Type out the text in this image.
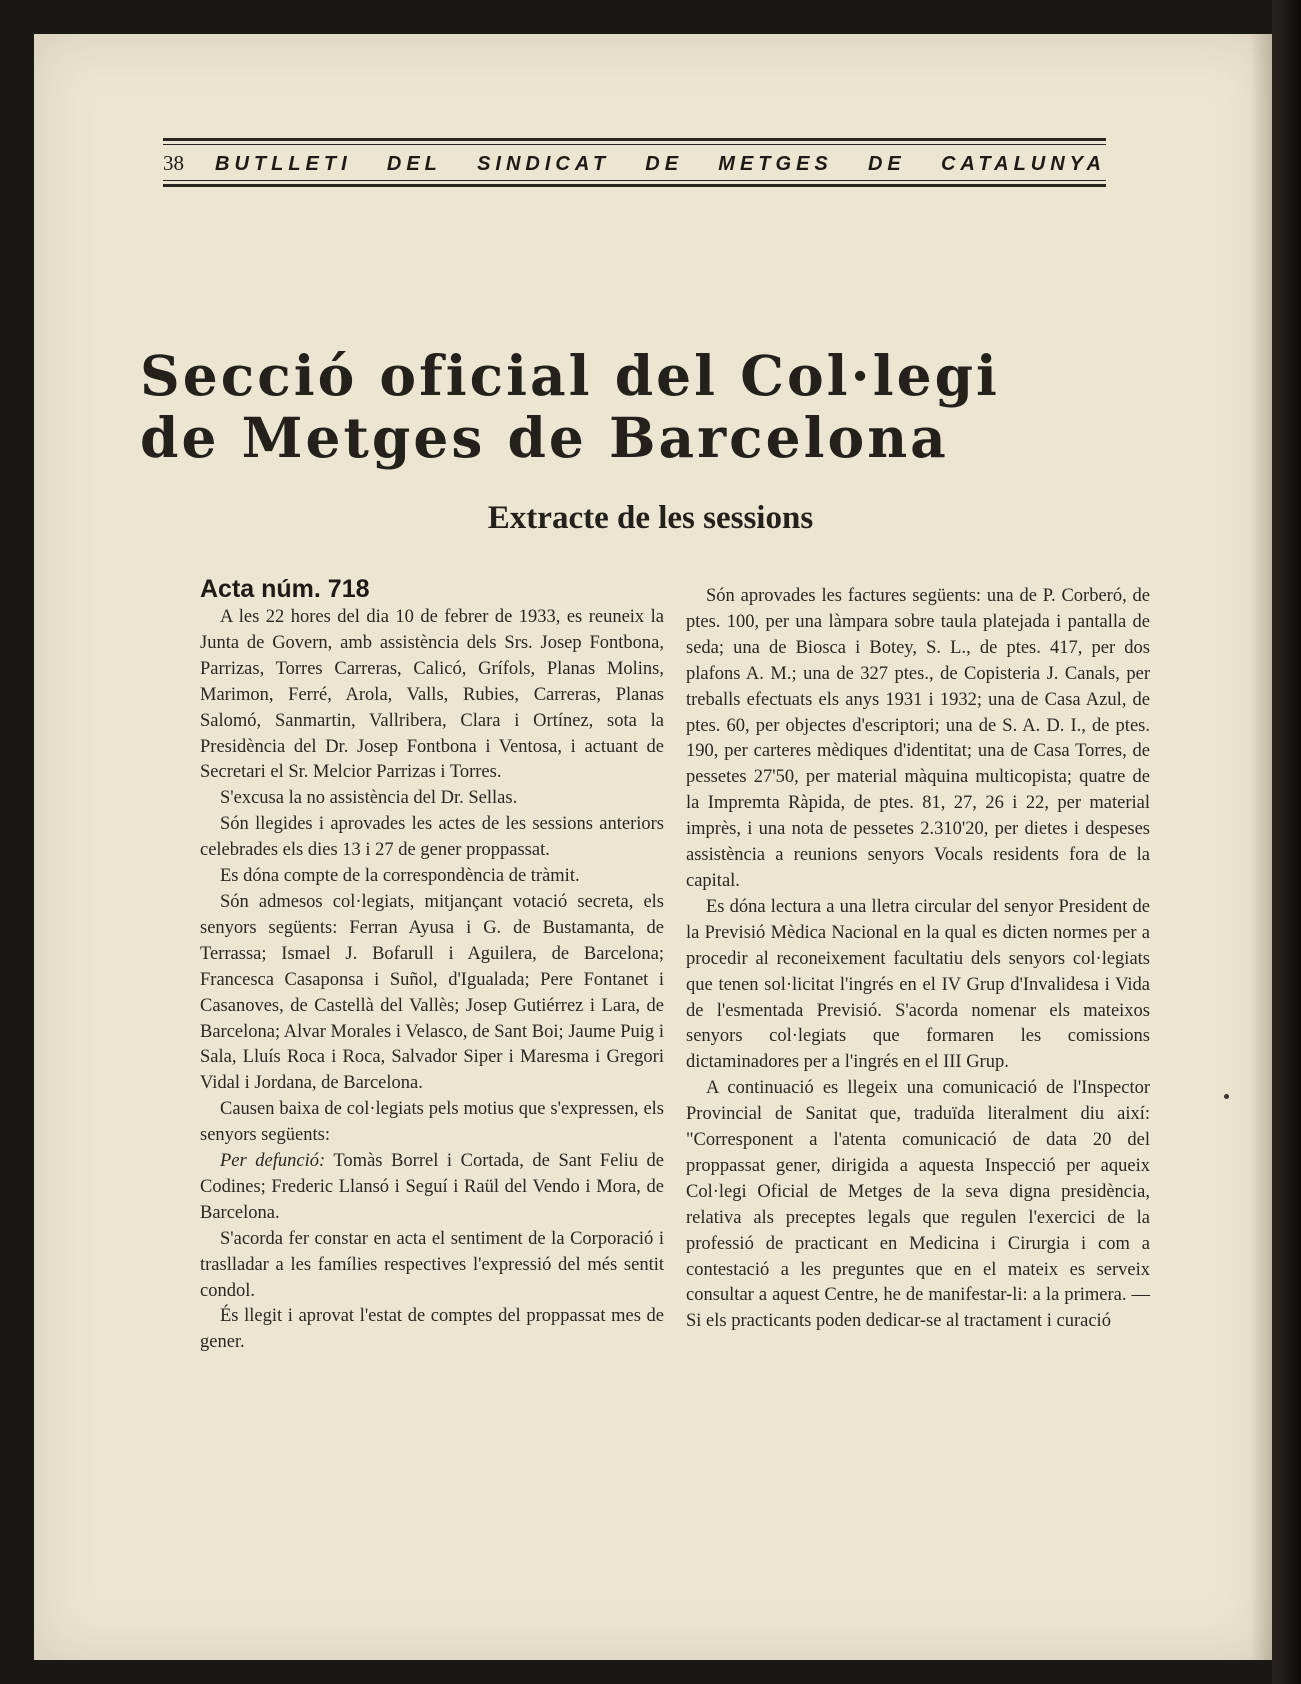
38	BUTLLETI DEL SINDICAT DE METGES DE CATALUNYA
Secció oficial del Col·legi
de Metges de Barcelona
Extracte de les sessions
Acta núm. 718

A les 22 hores del dia 10 de febrer de 1933, es reuneix la Junta de Govern, amb assistència dels Srs. Josep Fontbona, Parrizas, Torres Carreras, Calicó, Grífols, Planas Molins, Marimon, Ferré, Arola, Valls, Rubies, Carreras, Planas Salomó, Sanmartin, Vallribera, Clara i Ortínez, sota la Presidència del Dr. Josep Fontbona i Ventosa, i actuant de Secretari el Sr. Melcior Parrizas i Torres.

S'excusa la no assistència del Dr. Sellas.

Són llegides i aprovades les actes de les sessions anteriors celebrades els dies 13 i 27 de gener proppassat.

Es dóna compte de la correspondència de tràmit.

Són admesos col·legiats, mitjançant votació secreta, els senyors següents: Ferran Ayusa i G. de Bustamanta, de Terrassa; Ismael J. Bofarull i Aguilera, de Barcelona; Francesca Casaponsa i Suñol, d'Igualada; Pere Fontanet i Casanoves, de Castellà del Vallès; Josep Gutiérrez i Lara, de Barcelona; Alvar Morales i Velasco, de Sant Boi; Jaume Puig i Sala, Lluís Roca i Roca, Salvador Siper i Maresma i Gregori Vidal i Jordana, de Barcelona.

Causen baixa de col·legiats pels motius que s'expressen, els senyors següents:

Per defunció: Tomàs Borrel i Cortada, de Sant Feliu de Codines; Frederic Llansó i Seguí i Raül del Vendo i Mora, de Barcelona.

S'acorda fer constar en acta el sentiment de la Corporació i traslladar a les famílies respectives l'expressió del més sentit condol.

És llegit i aprovat l'estat de comptes del proppassat mes de gener.

Són aprovades les factures següents: una de P. Corberó, de ptes. 100, per una làmpara sobre taula platejada i pantalla de seda; una de Biosca i Botey, S. L., de ptes. 417, per dos plafons A. M.; una de 327 ptes., de Copisteria J. Canals, per treballs efectuats els anys 1931 i 1932; una de Casa Azul, de ptes. 60, per objectes d'escriptori; una de S. A. D. I., de ptes. 190, per carteres mèdiques d'identitat; una de Casa Torres, de pessetes 27'50, per material màquina multicopista; quatre de la Impremta Ràpida, de ptes. 81, 27, 26 i 22, per material imprès, i una nota de pessetes 2.310'20, per dietes i despeses assistència a reunions senyors Vocals residents fora de la capital.

Es dóna lectura a una lletra circular del senyor President de la Previsió Mèdica Nacional en la qual es dicten normes per a procedir al reconeixement facultatiu dels senyors col·legiats que tenen sol·licitat l'ingrés en el IV Grup d'Invalidesa i Vida de l'esmentada Previsió. S'acorda nomenar els mateixos senyors col·legiats que formaren les comissions dictaminadores per a l'ingrés en el III Grup.

A continuació es llegeix una comunicació de l'Inspector Provincial de Sanitat que, traduïda literalment diu així: "Corresponent a l'atenta comunicació de data 20 del proppassat gener, dirigida a aquesta Inspecció per aqueix Col·legi Oficial de Metges de la seva digna presidència, relativa als preceptes legals que regulen l'exercici de la professió de practicant en Medicina i Cirurgia i com a contestació a les preguntes que en el mateix es serveix consultar a aquest Centre, he de manifestar-li: a la primera. —Si els practicants poden dedicar-se al tractament i curació
